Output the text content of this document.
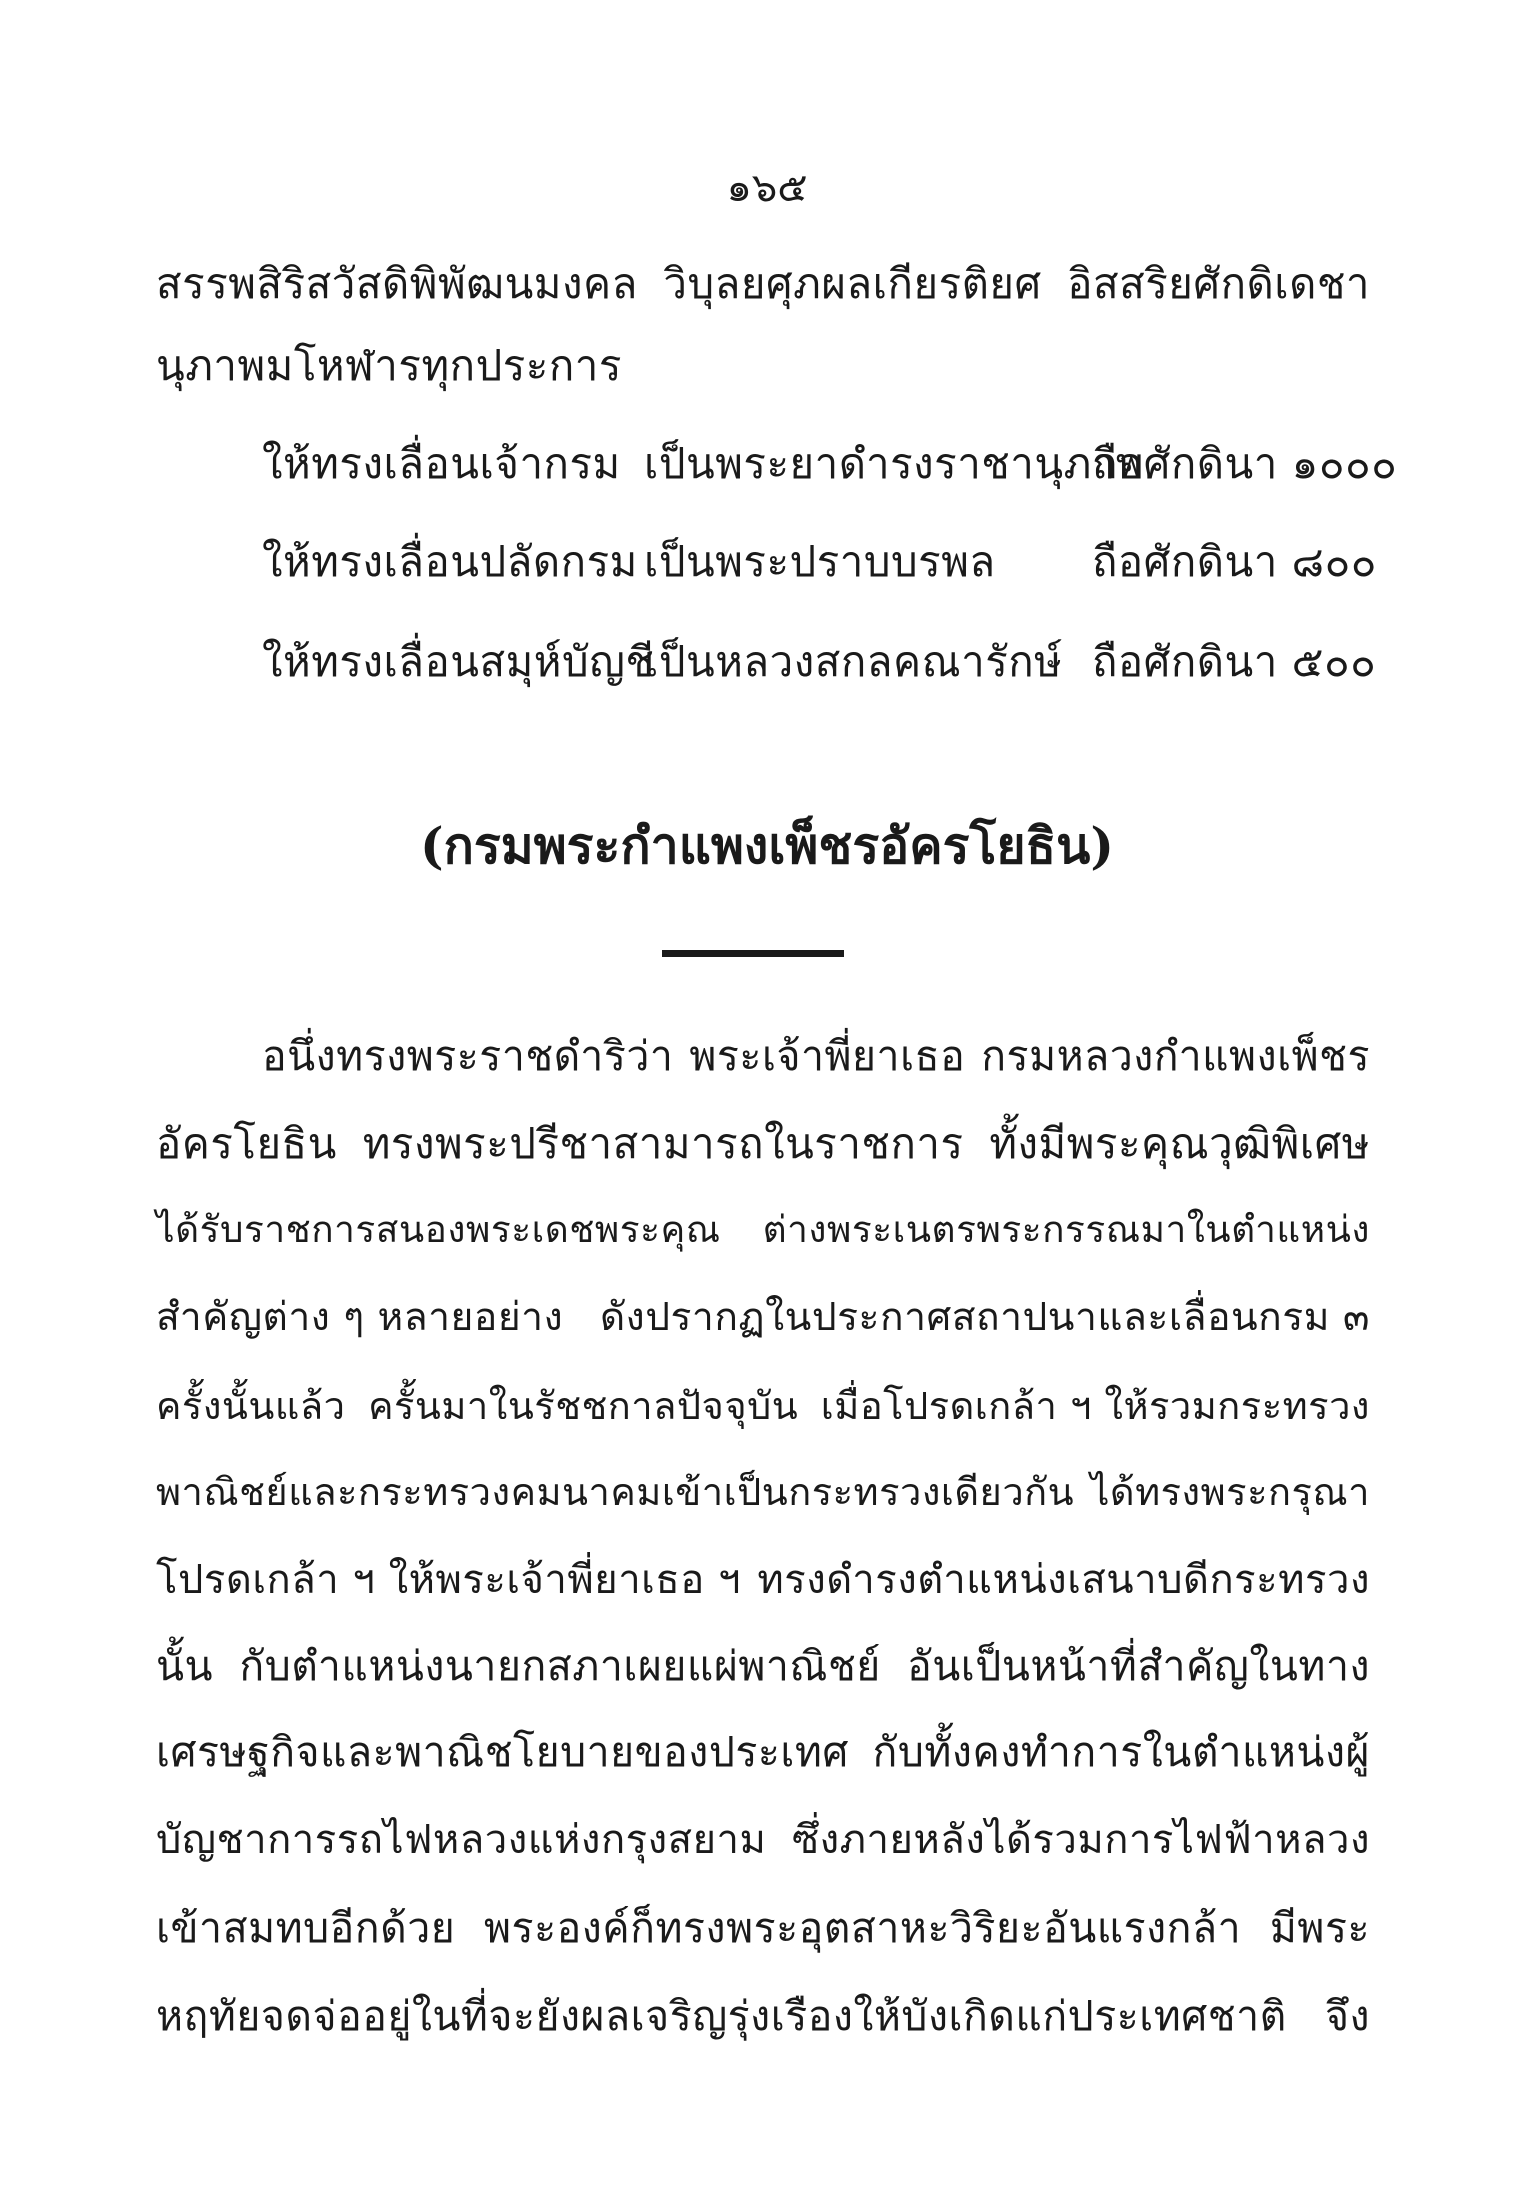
๑๖๕
สรรพสิริสวัสดิพิพัฒนมงคล วิบุลยศุภผลเกียรติยศ อิสสริยศักดิเดชา
นุภาพมโหฬารทุกประการ
ให้ทรงเลื่อนเจ้ากรม เป็นพระยาดำรงราชานุภาพถือศักดินา ๑๐๐๐
ให้ทรงเลื่อนปลัดกรม เป็นพระปราบบรพล ถือศักดินา ๘๐๐
ให้ทรงเลื่อนสมุห์บัญชีเป็นหลวงสกลคณารักษ์ ถือศักดินา ๕๐๐
(กรมพระกำแพงเพ็ชรอัครโยธิน)
อนึ่งทรงพระราชดำริว่า พระเจ้าพี่ยาเธอ กรมหลวงกำแพงเพ็ชร
อัครโยธิน ทรงพระปรีชาสามารถในราชการ ทั้งมีพระคุณวุฒิพิเศษ
ได้รับราชการสนองพระเดชพระคุณ ต่างพระเนตรพระกรรณมาในตำแหน่ง
สำคัญต่าง ๆ หลายอย่าง ดังปรากฏในประกาศสถาปนาและเลื่อนกรม ๓
ครั้งนั้นแล้ว ครั้นมาในรัชชกาลปัจจุบัน เมื่อโปรดเกล้า ฯ ให้รวมกระทรวง
พาณิชย์และกระทรวงคมนาคมเข้าเป็นกระทรวงเดียวกัน ได้ทรงพระกรุณา
โปรดเกล้า ฯ ให้พระเจ้าพี่ยาเธอ ฯ ทรงดำรงตำแหน่งเสนาบดีกระทรวง
นั้น กับตำแหน่งนายกสภาเผยแผ่พาณิชย์ อันเป็นหน้าที่สำคัญในทาง
เศรษฐกิจและพาณิชโยบายของประเทศ กับทั้งคงทำการในตำแหน่งผู้
บัญชาการรถไฟหลวงแห่งกรุงสยาม ซึ่งภายหลังได้รวมการไฟฟ้าหลวง
เข้าสมทบอีกด้วย พระองค์ก็ทรงพระอุตสาหะวิริยะอันแรงกล้า มีพระ
หฤทัยจดจ่ออยู่ในที่จะยังผลเจริญรุ่งเรืองให้บังเกิดแก่ประเทศชาติ จึง
